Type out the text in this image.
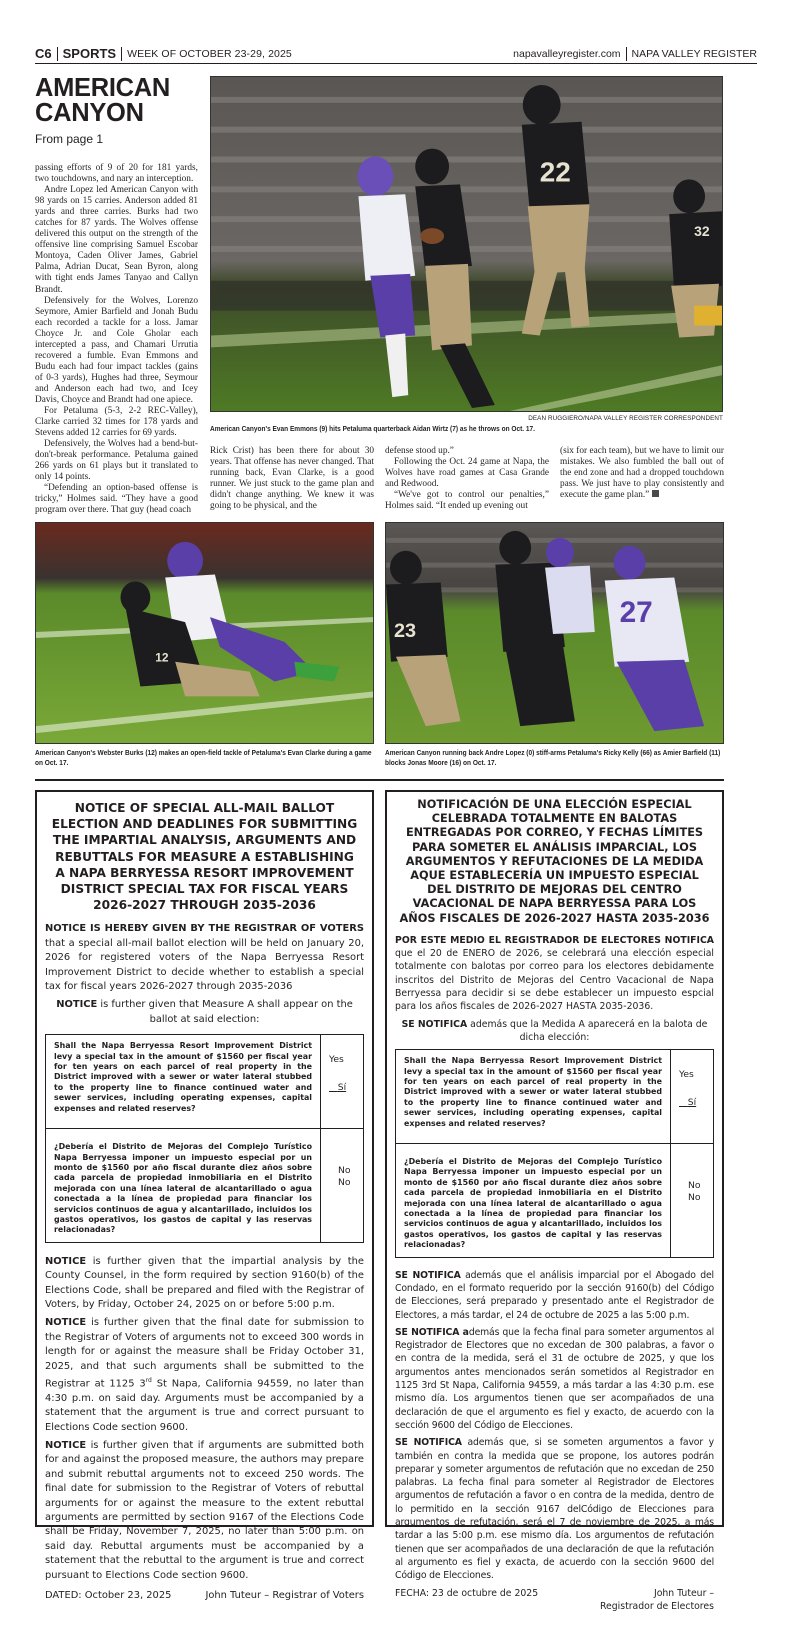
C6 SPORTS WEEK OF OCTOBER 23-29, 2025	napavalleyregister.com NAPA VALLEY REGISTER
AMERICAN
CANYON
From page 1

passing efforts of 9 of 20 for 181 yards, two touchdowns, and nary an interception.

Andre Lopez led American Canyon with 98 yards on 15 carries. Anderson added 81 yards and three carries. Burks had two catches for 87 yards. The Wolves offense delivered this output on the strength of the offensive line comprising Samuel Escobar Montoya, Caden Oliver James, Gabriel Palma, Adrian Ducat, Sean Byron, along with tight ends James Tanyao and Callyn Brandt.

Defensively for the Wolves, Lorenzo Seymore, Amier Barfield and Jonah Budu each recorded a tackle for a loss. Jamar Choyce Jr. and Cole Gholar each intercepted a pass, and Chamari Urrutia recovered a fumble. Evan Emmons and Budu each had four impact tackles (gains of 0-3 yards), Hughes had three, Seymour and Anderson each had two, and Icey Davis, Choyce and Brandt had one apiece.

For Petaluma (5-3, 2-2 REC-Valley), Clarke carried 32 times for 178 yards and Stevens added 12 carries for 69 yards.

Defensively, the Wolves had a bend-but-don't-break performance. Petaluma gained 266 yards on 61 plays but it translated to only 14 points.

“Defending an option-based offense is tricky,” Holmes said. “They have a good program over there. That guy (head coach

22
32
DEAN RUGGIERO/NAPA VALLEY REGISTER CORRESPONDENT
American Canyon's Evan Emmons (9) hits Petaluma quarterback Aidan Wirtz (7) as he throws on Oct. 17.

Rick Crist) has been there for about 30 years. That offense has never changed. That running back, Evan Clarke, is a good runner. We just stuck to the game plan and didn't change anything. We knew it was going to be physical, and the

defense stood up.”

Following the Oct. 24 game at Napa, the Wolves have road games at Casa Grande and Redwood.

“We've got to control our penalties,” Holmes said. “It ended up evening out

(six for each team), but we have to limit our mistakes. We also fumbled the ball out of the end zone and had a dropped touchdown pass. We just have to play consistently and execute the game plan.”

12
American Canyon's Webster Burks (12) makes an open-field tackle of Petaluma's Evan Clarke during a game on Oct. 17.
23
27
American Canyon running back Andre Lopez (0) stiff-arms Petaluma's Ricky Kelly (66) as Amier Barfield (11) blocks Jonas Moore (16) on Oct. 17.
NOTICE OF SPECIAL ALL-MAIL BALLOT ELECTION AND DEADLINES FOR SUBMITTING THE IMPARTIAL ANALYSIS, ARGUMENTS AND REBUTTALS FOR MEASURE A ESTABLISHING A NAPA BERRYESSA RESORT IMPROVEMENT DISTRICT SPECIAL TAX FOR FISCAL YEARS 2026-2027 THROUGH 2035-2036

NOTICE IS HEREBY GIVEN BY THE REGISTRAR OF VOTERS that a special all-mail ballot election will be held on January 20, 2026 for registered voters of the Napa Berryessa Resort Improvement District to decide whether to establish a special tax for fiscal years 2026-2027 through 2035-2036

NOTICE is further given that Measure A shall appear on the ballot at said election:

Shall the Napa Berryessa Resort Improvement District levy a special tax in the amount of $1560 per fiscal year for ten years on each parcel of real property in the District improved with a sewer or water lateral stubbed to the property line to finance continued water and sewer services, including operating expenses, capital expenses and related reserves?
Yes
Sí
¿Debería el Distrito de Mejoras del Complejo Turístico Napa Berryessa imponer un impuesto especial por un monto de $1560 por año fiscal durante diez años sobre cada parcela de propiedad inmobiliaria en el Distrito mejorada con una línea lateral de alcantarillado o agua conectada a la línea de propiedad para financiar los servicios continuos de agua y alcantarillado, incluidos los gastos operativos, los gastos de capital y las reservas relacionadas?
No
No

NOTICE is further given that the impartial analysis by the County Counsel, in the form required by section 9160(b) of the Elections Code, shall be prepared and filed with the Registrar of Voters, by Friday, October 24, 2025 on or before 5:00 p.m.

NOTICE is further given that the final date for submission to the Registrar of Voters of arguments not to exceed 300 words in length for or against the measure shall be Friday October 31, 2025, and that such arguments shall be submitted to the Registrar at 1125 3rd St Napa, California 94559, no later than 4:30 p.m. on said day. Arguments must be accompanied by a statement that the argument is true and correct pursuant to Elections Code section 9600.

NOTICE is further given that if arguments are submitted both for and against the proposed measure, the authors may prepare and submit rebuttal arguments not to exceed 250 words. The final date for submission to the Registrar of Voters of rebuttal arguments for or against the measure to the extent rebuttal arguments are permitted by section 9167 of the Elections Code shall be Friday, November 7, 2025, no later than 5:00 p.m. on said day. Rebuttal arguments must be accompanied by a statement that the rebuttal to the argument is true and correct pursuant to Elections Code section 9600.

DATED: October 23, 2025	John Tuteur – Registrar of Voters
NOTIFICACIÓN DE UNA ELECCIÓN ESPECIAL CELEBRADA TOTALMENTE EN BALOTAS ENTREGADAS POR CORREO, Y FECHAS LÍMITES PARA SOMETER EL ANÁLISIS IMPARCIAL, LOS ARGUMENTOS Y REFUTACIONES DE LA MEDIDA AQUE ESTABLECERÍA UN IMPUESTO ESPECIAL DEL DISTRITO DE MEJORAS DEL CENTRO VACACIONAL DE NAPA BERRYESSA PARA LOS AÑOS FISCALES DE 2026-2027 HASTA 2035-2036

POR ESTE MEDIO EL REGISTRADOR DE ELECTORES NOTIFICA que el 20 de ENERO de 2026, se celebrará una elección especial totalmente con balotas por correo para los electores debidamente inscritos del Distrito de Mejoras del Centro Vacacional de Napa Berryessa para decidir si se debe establecer un impuesto espcial para los años fiscales de 2026-2027 HASTA 2035-2036.

SE NOTIFICA además que la Medida A aparecerá en la balota de dicha elección:

Shall the Napa Berryessa Resort Improvement District levy a special tax in the amount of $1560 per fiscal year for ten years on each parcel of real property in the District improved with a sewer or water lateral stubbed to the property line to finance continued water and sewer services, including operating expenses, capital expenses and related reserves?
Yes
Sí
¿Debería el Distrito de Mejoras del Complejo Turístico Napa Berryessa imponer un impuesto especial por un monto de $1560 por año fiscal durante diez años sobre cada parcela de propiedad inmobiliaria en el Distrito mejorada con una línea lateral de alcantarillado o agua conectada a la línea de propiedad para financiar los servicios continuos de agua y alcantarillado, incluidos los gastos operativos, los gastos de capital y las reservas relacionadas?
No
No

SE NOTIFICA además que el análisis imparcial por el Abogado del Condado, en el formato requerido por la sección 9160(b) del Código de Elecciones, será preparado y presentado ante el Registrador de Electores, a más tardar, el 24 de octubre de 2025 a las 5:00 p.m.

SE NOTIFICA además que la fecha final para someter argumentos al Registrador de Electores que no excedan de 300 palabras, a favor o en contra de la medida, será el 31 de octubre de 2025, y que los argumentos antes mencionados serán sometidos al Registrador en 1125 3rd St Napa, California 94559, a más tardar a las 4:30 p.m. ese mismo día. Los argumentos tienen que ser acompañados de una declaración de que el argumento es fiel y exacto, de acuerdo con la sección 9600 del Código de Elecciones.

SE NOTIFICA además que, si se someten argumentos a favor y también en contra la medida que se propone, los autores podrán preparar y someter argumentos de refutación que no excedan de 250 palabras. La fecha final para someter al Registrador de Electores argumentos de refutación a favor o en contra de la medida, dentro de lo permitido en la sección 9167 delCódigo de Elecciones para argumentos de refutación, será el 7 de noviembre de 2025, a más tardar a las 5:00 p.m. ese mismo día. Los argumentos de refutación tienen que ser acompañados de una declaración de que la refutación al argumento es fiel y exacta, de acuerdo con la sección 9600 del Código de Elecciones.

FECHA: 23 de octubre de 2025	John Tuteur –
Registrador de Electores
